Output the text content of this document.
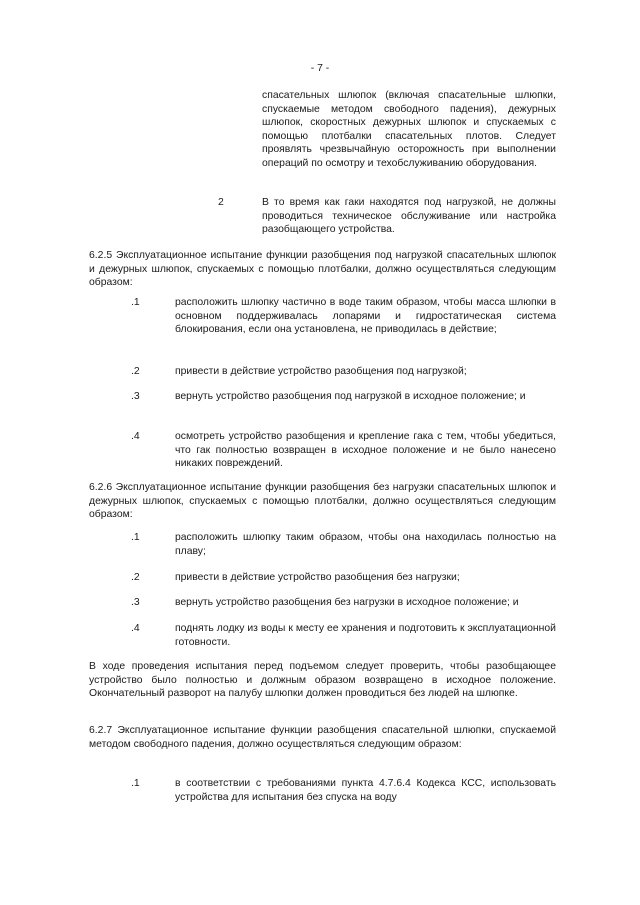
- 7 -
спасательных шлюпок (включая спасательные шлюпки, спускаемые методом свободного падения), дежурных шлюпок, скоростных дежурных шлюпок и спускаемых с помощью плотбалки спасательных плотов. Следует проявлять чрезвычайную осторожность при выполнении операций по осмотру и техобслуживанию оборудования.
2	В то время как гаки находятся под нагрузкой, не должны проводиться техническое обслуживание или настройка разобщающего устройства.
6.2.5 Эксплуатационное испытание функции разобщения под нагрузкой спасательных шлюпок и дежурных шлюпок, спускаемых с помощью плотбалки, должно осуществляться следующим образом:
.1	расположить шлюпку частично в воде таким образом, чтобы масса шлюпки в основном поддерживалась лопарями и гидростатическая система блокирования, если она установлена, не приводилась в действие;
.2	привести в действие устройство разобщения под нагрузкой;
.3	вернуть устройство разобщения под нагрузкой в исходное положение; и
.4	осмотреть устройство разобщения и крепление гака с тем, чтобы убедиться, что гак полностью возвращен в исходное положение и не было нанесено никаких повреждений.
6.2.6 Эксплуатационное испытание функции разобщения без нагрузки спасательных шлюпок и дежурных шлюпок, спускаемых с помощью плотбалки, должно осуществляться следующим образом:
.1	расположить шлюпку таким образом, чтобы она находилась полностью на плаву;
.2	привести в действие устройство разобщения без нагрузки;
.3	вернуть устройство разобщения без нагрузки в исходное положение; и
.4	поднять лодку из воды к месту ее хранения и подготовить к эксплуатационной готовности.
В ходе проведения испытания перед подъемом следует проверить, чтобы разобщающее устройство было полностью и должным образом возвращено в исходное положение. Окончательный разворот на палубу шлюпки должен проводиться без людей на шлюпке.
6.2.7 Эксплуатационное испытание функции разобщения спасательной шлюпки, спускаемой методом свободного падения, должно осуществляться следующим образом:
.1	в соответствии с требованиями пункта 4.7.6.4 Кодекса КСС, использовать устройства для испытания без спуска на воду
